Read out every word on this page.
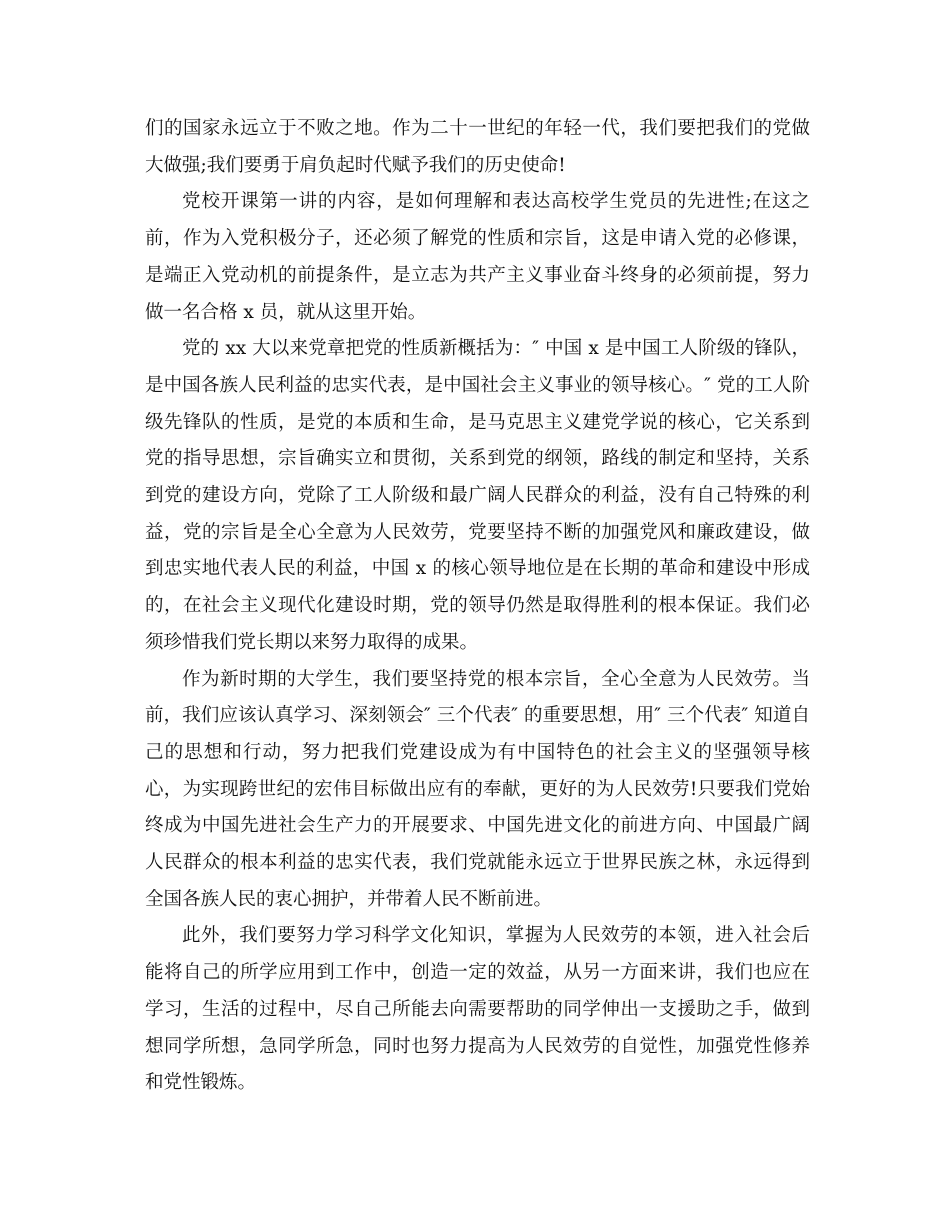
们的国家永远立于不败之地。作为二十一世纪的年轻一代，我们要把我们的党做大做强;我们要勇于肩负起时代赋予我们的历史使命!

党校开课第一讲的内容，是如何理解和表达高校学生党员的先进性;在这之前，作为入党积极分子，还必须了解党的性质和宗旨，这是申请入党的必修课，是端正入党动机的前提条件，是立志为共产主义事业奋斗终身的必须前提，努力做一名合格 x 员，就从这里开始。

党的 xx 大以来党章把党的性质新概括为：″ 中国 x 是中国工人阶级的锋队，是中国各族人民利益的忠实代表，是中国社会主义事业的领导核心。″ 党的工人阶级先锋队的性质，是党的本质和生命，是马克思主义建党学说的核心，它关系到党的指导思想，宗旨确实立和贯彻，关系到党的纲领，路线的制定和坚持，关系到党的建设方向，党除了工人阶级和最广阔人民群众的利益，没有自己特殊的利益，党的宗旨是全心全意为人民效劳，党要坚持不断的加强党风和廉政建设，做到忠实地代表人民的利益，中国 x 的核心领导地位是在长期的革命和建设中形成的，在社会主义现代化建设时期，党的领导仍然是取得胜利的根本保证。我们必须珍惜我们党长期以来努力取得的成果。

作为新时期的大学生，我们要坚持党的根本宗旨，全心全意为人民效劳。当前，我们应该认真学习、深刻领会″ 三个代表″ 的重要思想，用″ 三个代表″ 知道自己的思想和行动，努力把我们党建设成为有中国特色的社会主义的坚强领导核心，为实现跨世纪的宏伟目标做出应有的奉献，更好的为人民效劳!只要我们党始终成为中国先进社会生产力的开展要求、中国先进文化的前进方向、中国最广阔人民群众的根本利益的忠实代表，我们党就能永远立于世界民族之林，永远得到全国各族人民的衷心拥护，并带着人民不断前进。

此外，我们要努力学习科学文化知识，掌握为人民效劳的本领，进入社会后能将自己的所学应用到工作中，创造一定的效益，从另一方面来讲，我们也应在学习，生活的过程中，尽自己所能去向需要帮助的同学伸出一支援助之手，做到想同学所想，急同学所急，同时也努力提高为人民效劳的自觉性，加强党性修养和党性锻炼。
